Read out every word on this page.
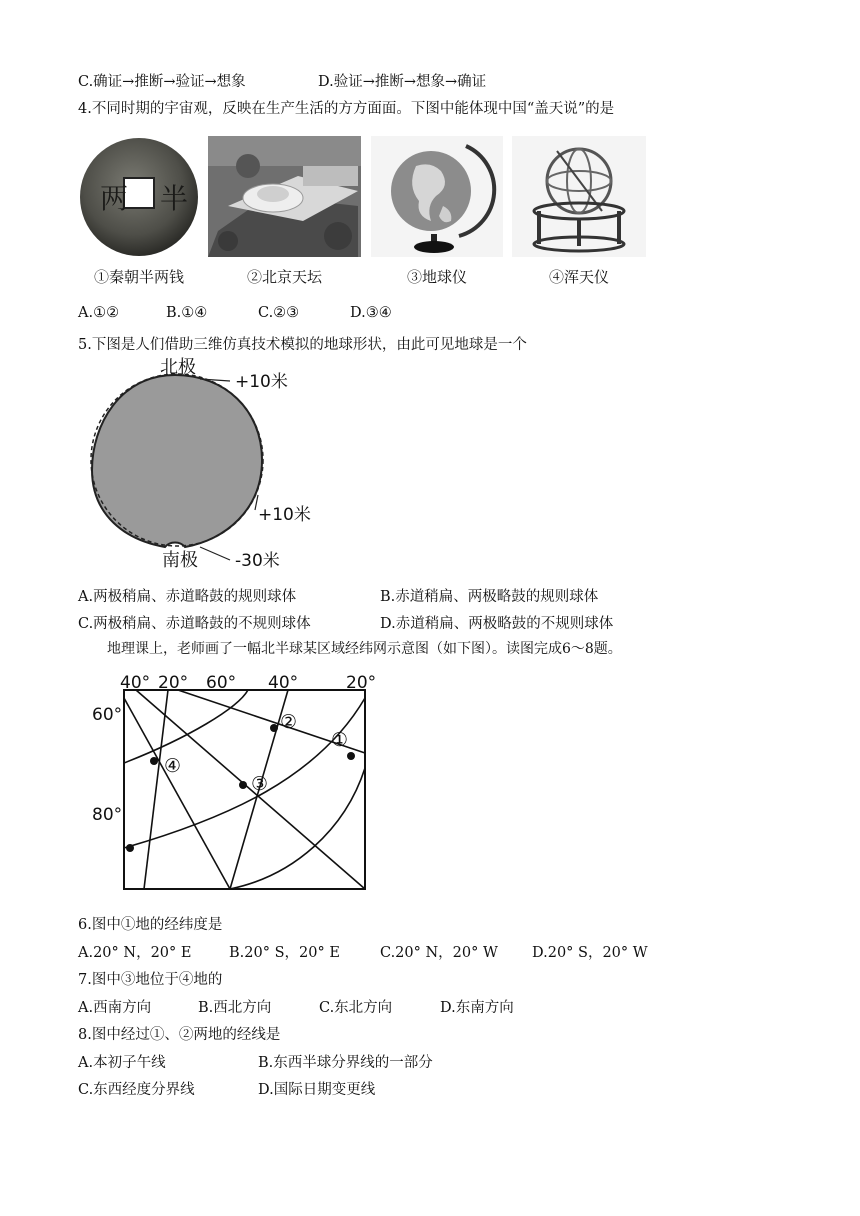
C.确证→推断→验证→想象	D.验证→推断→想象→确证
4.不同时期的宇宙观，反映在生产生活的方方面面。下图中能体现中国“盖天说”的是
两 半
①秦朝半两钱	②北京天坛	③地球仪	④浑天仪
A.①②	B.①④	C.②③	D.③④
5.下图是人们借助三维仿真技术模拟的地球形状，由此可见地球是一个
北极
+10米
+10米
南极 -30米
A.两极稍扁、赤道略鼓的规则球体	B.赤道稍扁、两极略鼓的规则球体
C.两极稍扁、赤道略鼓的不规则球体	D.赤道稍扁、两极略鼓的不规则球体
地理课上，老师画了一幅北半球某区域经纬网示意图（如下图）。读图完成6～8题。
40° 20° 60° 40°	20°
60°
80°
①
②
③
④
6.图中①地的经纬度是
A.20° N，20° E	B.20° S，20° E	C.20° N，20° W D.20° S，20° W
7.图中③地位于④地的
A.西南方向	B.西北方向	C.东北方向	D.东南方向
8.图中经过①、②两地的经线是
A.本初子午线	B.东西半球分界线的一部分
C.东西经度分界线	D.国际日期变更线
